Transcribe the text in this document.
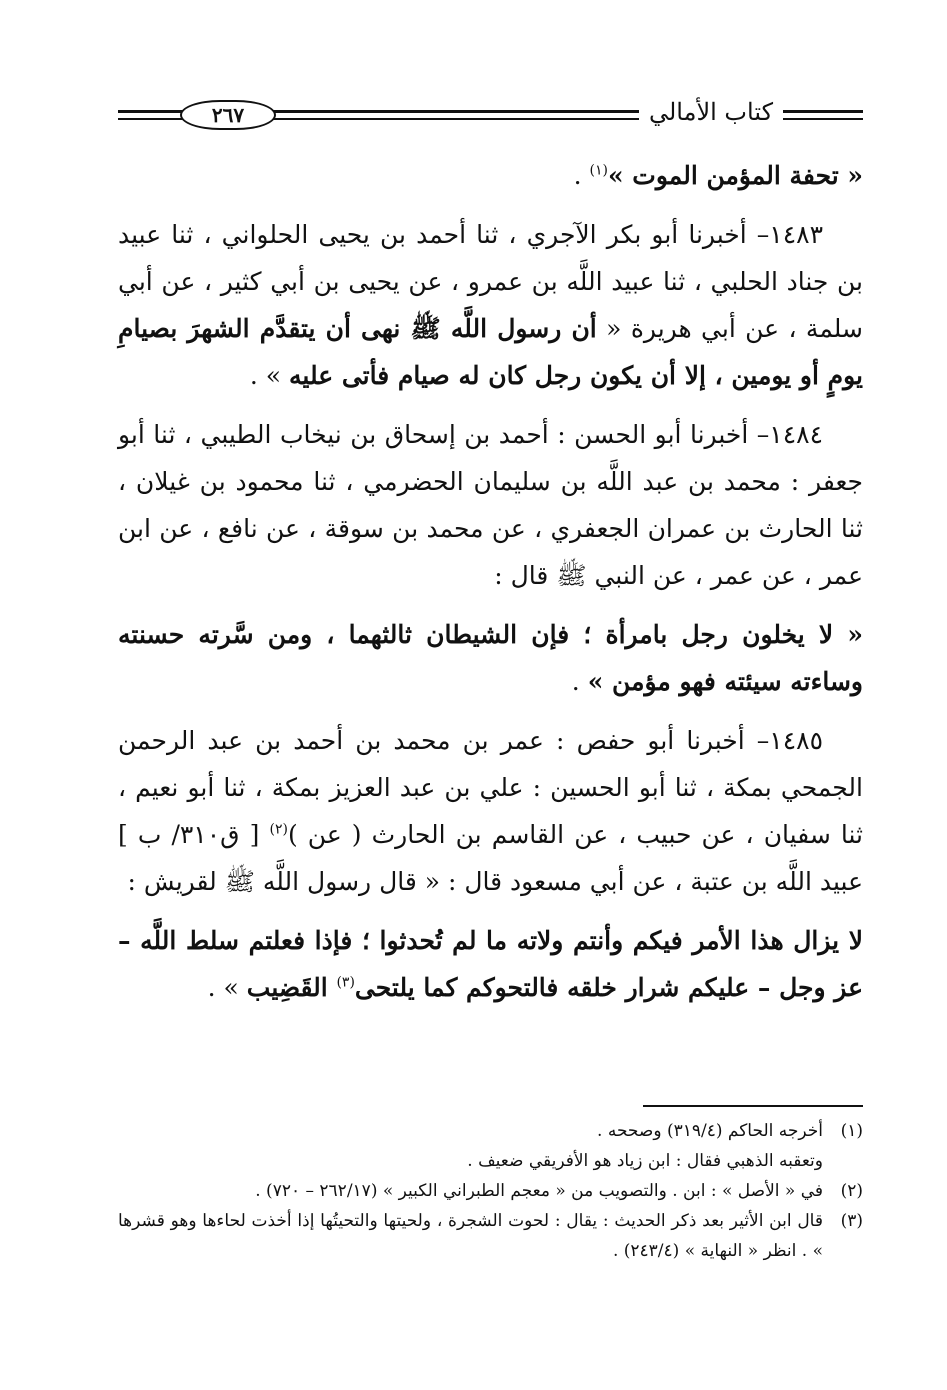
٢٦٧	كتاب الأمالي

« تحفة المؤمن الموت »$^{(١)}$ .

١٤٨٣– أخبرنا أبو بكر الآجري ، ثنا أحمد بن يحيى الحلواني ، ثنا عبيد بن جناد الحلبي ، ثنا عبيد اللَّه بن عمرو ، عن يحيى بن أبي كثير ، عن أبي سلمة ، عن أبي هريرة « أن رسول اللَّه ﷺ نهى أن يتقدَّم الشهرَ بصيامِ يومٍ أو يومين ، إلا أن يكون رجل كان له صيام فأتى عليه » .

١٤٨٤– أخبرنا أبو الحسن : أحمد بن إسحاق بن نيخاب الطيبي ، ثنا أبو جعفر : محمد بن عبد اللَّه بن سليمان الحضرمي ، ثنا محمود بن غيلان ، ثنا الحارث بن عمران الجعفري ، عن محمد بن سوقة ، عن نافع ، عن ابن عمر ، عن عمر ، عن النبي ﷺ قال :

« لا يخلون رجل بامرأة ؛ فإن الشيطان ثالثهما ، ومن سَّرته حسنته وساءته سيئته فهو مؤمن » .

١٤٨٥– أخبرنا أبو حفص : عمر بن محمد بن أحمد بن عبد الرحمن الجمحي بمكة ، ثنا أبو الحسين : علي بن عبد العزيز بمكة ، ثنا أبو نعيم ، ثنا سفيان ، عن حبيب ، عن القاسم بن الحارث ( عن )$^{(٢)}$ [ ق٣١٠/ ب ] عبيد اللَّه بن عتبة ، عن أبي مسعود قال : « قال رسول اللَّه ﷺ لقريش :

لا يزال هذا الأمر فيكم وأنتم ولاته ما لم تُحدثوا ؛ فإذا فعلتم سلط اللَّه – عز وجل – عليكم شرار خلقه فالتحوكم كما يلتحى$^{(٣)}$ القَضِيب » .

(١)
أخرجه الحاكم (٣١٩/٤) وصححه .
وتعقبه الذهبي فقال : ابن زياد هو الأفريقي ضعيف .
(٢)
في « الأصل » : ابن . والتصويب من « معجم الطبراني الكبير » (٢٦٢/١٧ – ٧٢٠) .
(٣)
قال ابن الأثير بعد ذكر الحديث : يقال : لحوت الشجرة ، ولحيتها والتحيتُها إذا أخذت لحاءها وهو قشرها » . انظر « النهاية » (٢٤٣/٤) .
